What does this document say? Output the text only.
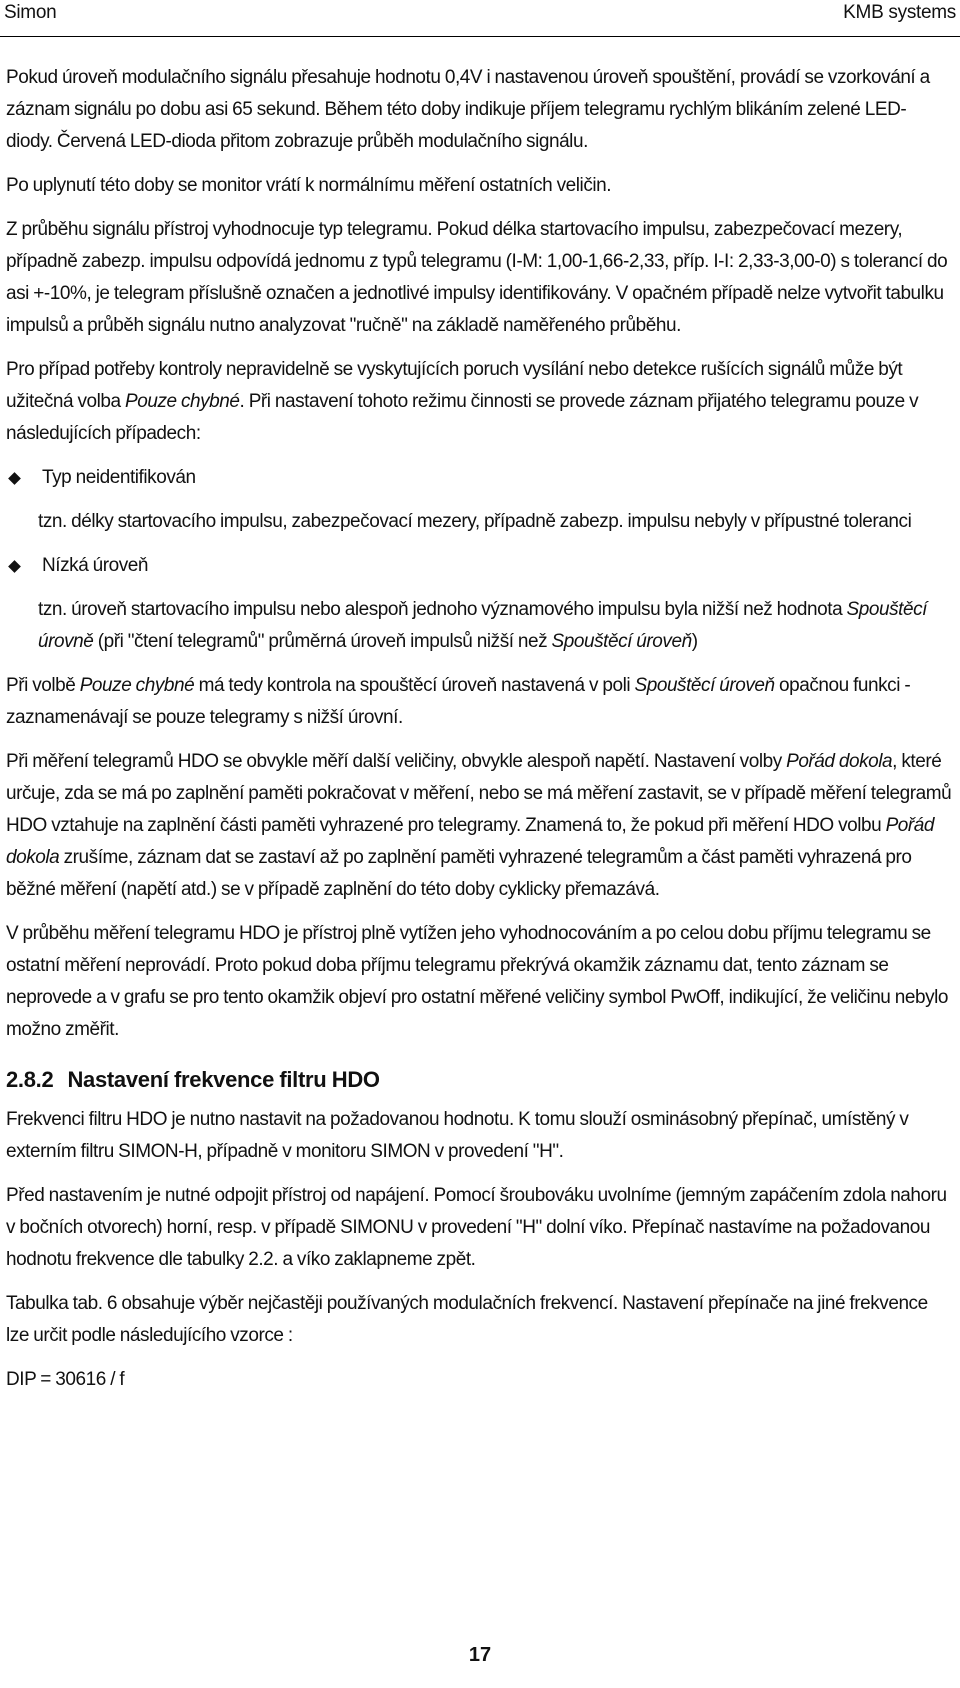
Simon	KMB systems

Pokud úroveň modulačního signálu přesahuje hodnotu 0,4V i nastavenou úroveň spouštění, provádí se vzorkování a záznam signálu po dobu asi 65 sekund. Během této doby indikuje příjem telegramu rychlým blikáním zelené LED-diody. Červená LED-dioda přitom zobrazuje průběh modulačního signálu.

Po uplynutí této doby se monitor vrátí k normálnímu měření ostatních veličin.

Z průběhu signálu přístroj vyhodnocuje typ telegramu. Pokud délka startovacího impulsu, zabezpečovací mezery, případně zabezp. impulsu odpovídá jednomu z typů telegramu (I-M: 1,00-1,66-2,33, příp. I-I: 2,33-3,00-0) s tolerancí do asi +-10%, je telegram příslušně označen a jednotlivé impulsy identifikovány. V opačném případě nelze vytvořit tabulku impulsů a průběh signálu nutno analyzovat "ručně" na základě naměřeného průběhu.

Pro případ potřeby kontroly nepravidelně se vyskytujících poruch vysílání nebo detekce rušících signálů může být užitečná volba Pouze chybné. Při nastavení tohoto režimu činnosti se provede záznam přijatého telegramu pouze v následujících případech:

Typ neidentifikován

tzn. délky startovacího impulsu, zabezpečovací mezery, případně zabezp. impulsu nebyly v přípustné toleranci

Nízká úroveň

tzn. úroveň startovacího impulsu nebo alespoň jednoho významového impulsu byla nižší než hodnota Spouštěcí úrovně (při "čtení telegramů" průměrná úroveň impulsů nižší než Spouštěcí úroveň)

Při volbě Pouze chybné má tedy kontrola na spouštěcí úroveň nastavená v poli Spouštěcí úroveň opačnou funkci - zaznamenávají se pouze telegramy s nižší úrovní.

Při měření telegramů HDO se obvykle měří další veličiny, obvykle alespoň napětí. Nastavení volby Pořád dokola, které určuje, zda se má po zaplnění paměti pokračovat v měření, nebo se má měření zastavit, se v případě měření telegramů HDO vztahuje na zaplnění části paměti vyhrazené pro telegramy. Znamená to, že pokud při měření HDO volbu Pořád dokola zrušíme, záznam dat se zastaví až po zaplnění paměti vyhrazené telegramům a část paměti vyhrazená pro běžné měření (napětí atd.) se v případě zaplnění do této doby cyklicky přemazává.

V průběhu měření telegramu HDO je přístroj plně vytížen jeho vyhodnocováním a po celou dobu příjmu telegramu se ostatní měření neprovádí. Proto pokud doba příjmu telegramu překrývá okamžik záznamu dat, tento záznam se neprovede a v grafu se pro tento okamžik objeví pro ostatní měřené veličiny symbol PwOff, indikující, že veličinu nebylo možno změřit.

2.8.2 Nastavení frekvence filtru HDO

Frekvenci filtru HDO je nutno nastavit na požadovanou hodnotu. K tomu slouží osminásobný přepínač, umístěný v externím filtru SIMON-H, případně v monitoru SIMON v provedení "H".

Před nastavením je nutné odpojit přístroj od napájení. Pomocí šroubováku uvolníme (jemným zapáčením zdola nahoru v bočních otvorech) horní, resp. v případě SIMONU v provedení "H" dolní víko. Přepínač nastavíme na požadovanou hodnotu frekvence dle tabulky 2.2. a víko zaklapneme zpět.

Tabulka tab. 6 obsahuje výběr nejčastěji používaných modulačních frekvencí. Nastavení přepínače na jiné frekvence lze určit podle následujícího vzorce :

DIP = 30616 / f

17
